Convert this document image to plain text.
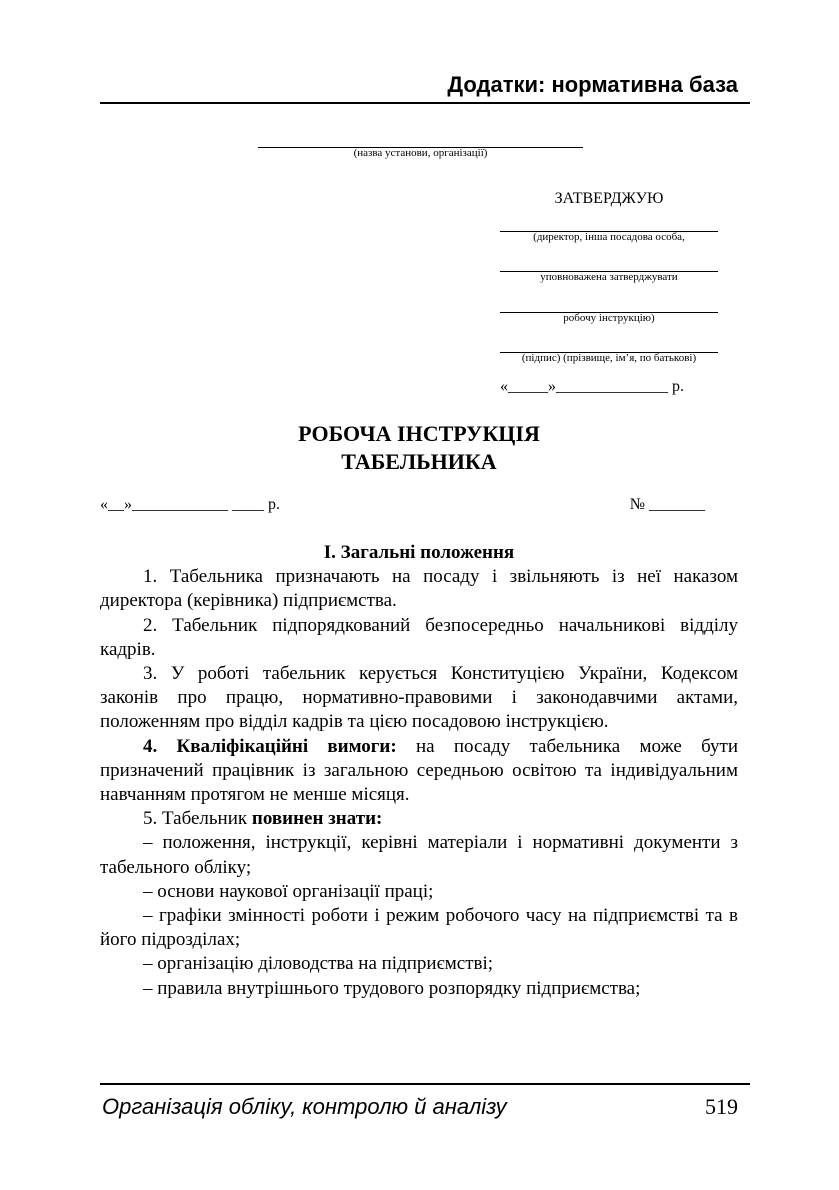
Додатки: нормативна база
(назва установи, організації)
ЗАТВЕРДЖУЮ
(директор, інша посадова особа,
уповноважена затверджувати
робочу інструкцію)
(підпис) (прізвище, ім’я, по батькові)
«_____»______________ р.
РОБОЧА ІНСТРУКЦІЯ
ТАБЕЛЬНИКА
«__»____________ ____ р.	№ _______

І. Загальні положення

1. Табельника призначають на посаду і звільняють із неї наказом директора (керівника) підприємства.

2. Табельник підпорядкований безпосередньо начальникові відділу кадрів.

3. У роботі табельник керується Конституцією України, Кодексом законів про працю, нормативно-правовими і законодавчими актами, положенням про відділ кадрів та цією посадовою інструкцією.

4. Кваліфікаційні вимоги: на посаду табельника може бути призначений працівник із загальною середньою освітою та індивідуальним навчанням протягом не менше місяця.

5. Табельник повинен знати:

– положення, інструкції, керівні матеріали і нормативні документи з табельного обліку;

– основи наукової організації праці;

– графіки змінності роботи і режим робочого часу на підприємстві та в його підрозділах;

– організацію діловодства на підприємстві;

– правила внутрішнього трудового розпорядку підприємства;

Організація обліку, контролю й аналізу	519
